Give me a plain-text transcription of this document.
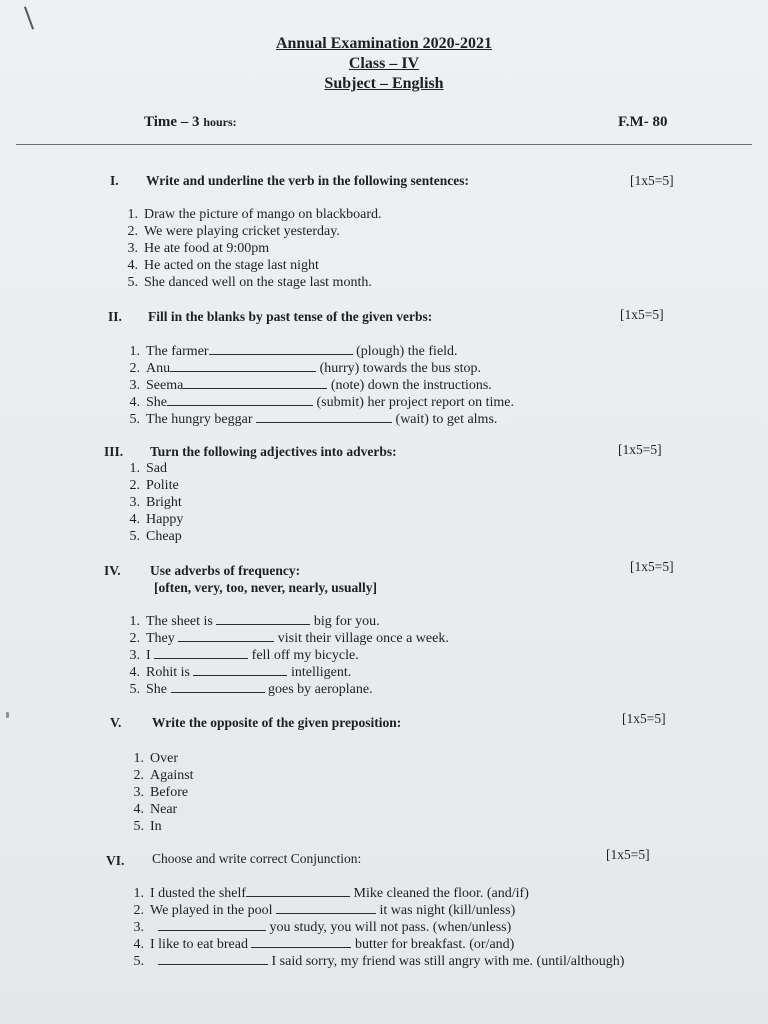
Annual Examination 2020-2021
Class – IV
Subject – English
Time – 3 hours:	F.M- 80
I. Write and underline the verb in the following sentences:	[1x5=5]
1. Draw the picture of mango on blackboard.
2. We were playing cricket yesterday.
3. He ate food at 9:00pm
4. He acted on the stage last night
5. She danced well on the stage last month.
II. Fill in the blanks by past tense of the given verbs:	[1x5=5]
1. The farmer	(plough) the field.
2. Anu	(hurry) towards the bus stop.
3. Seema	(note) down the instructions.
4. She	(submit) her project report on time.
5. The hungry beggar	(wait) to get alms.
III. Turn the following adjectives into adverbs:	[1x5=5]
1. Sad
2. Polite
3. Bright
4. Happy
5. Cheap
IV. Use adverbs of frequency:
[often, very, too, never, nearly, usually]
[1x5=5]
1. The sheet is	big for you.
2. They	visit their village once a week.
3. I	fell off my bicycle.
4. Rohit is	intelligent.
5. She	goes by aeroplane.
V. Write the opposite of the given preposition:	[1x5=5]
1. Over
2. Against
3. Before
4. Near
5. In
VI. Choose and write correct Conjunction:	[1x5=5]
1. I dusted the shelf	Mike cleaned the floor. (and/if)
2. We played in the pool	it was night (kill/unless)
3.	you study, you will not pass. (when/unless)
4. I like to eat bread	butter for breakfast. (or/and)
5.	I said sorry, my friend was still angry with me. (until/although)
